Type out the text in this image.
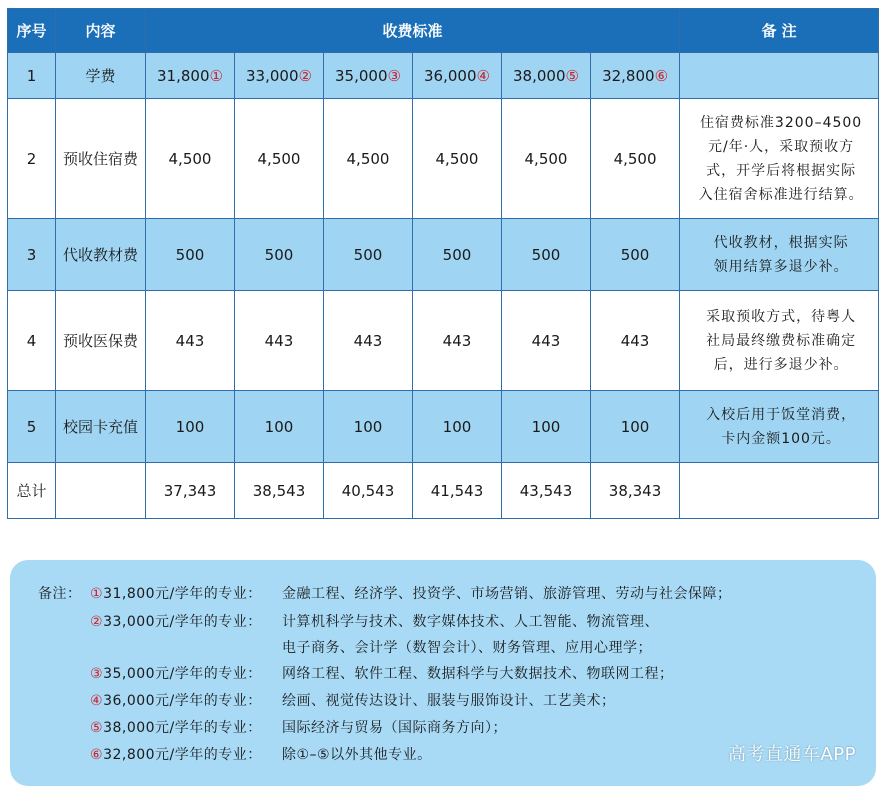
序号	内容	收费标准						备 注
1	学费	31,800①	33,000②	35,000③	36,000④	38,000⑤	32,800⑥	
2	预收住宿费	4,500	4,500	4,500	4,500	4,500	4,500	住宿费标准3200–4500
元/年·人，采取预收方
式，开学后将根据实际
入住宿舍标准进行结算。

3	代收教材费	500	500	500	500	500	500	代收教材，根据实际
领用结算多退少补。

4	预收医保费	443	443	443	443	443	443	采取预收方式，待粤人
社局最终缴费标准确定
后，进行多退少补。

5	校园卡充值	100	100	100	100	100	100	入校后用于饭堂消费，
卡内金额100元。

总计		37,343	38,543	40,543	41,543	43,543	38,343	
备注： ①31,800元/学年的专业： 金融工程、经济学、投资学、市场营销、旅游管理、劳动与社会保障；
②33,000元/学年的专业： 计算机科学与技术、数字媒体技术、人工智能、物流管理、
电子商务、会计学（数智会计）、财务管理、应用心理学；
③35,000元/学年的专业： 网络工程、软件工程、数据科学与大数据技术、物联网工程；
④36,000元/学年的专业： 绘画、视觉传达设计、服装与服饰设计、工艺美术；
⑤38,000元/学年的专业： 国际经济与贸易（国际商务方向）；
⑥32,800元/学年的专业： 除①–⑤以外其他专业。	高考直通车APP
